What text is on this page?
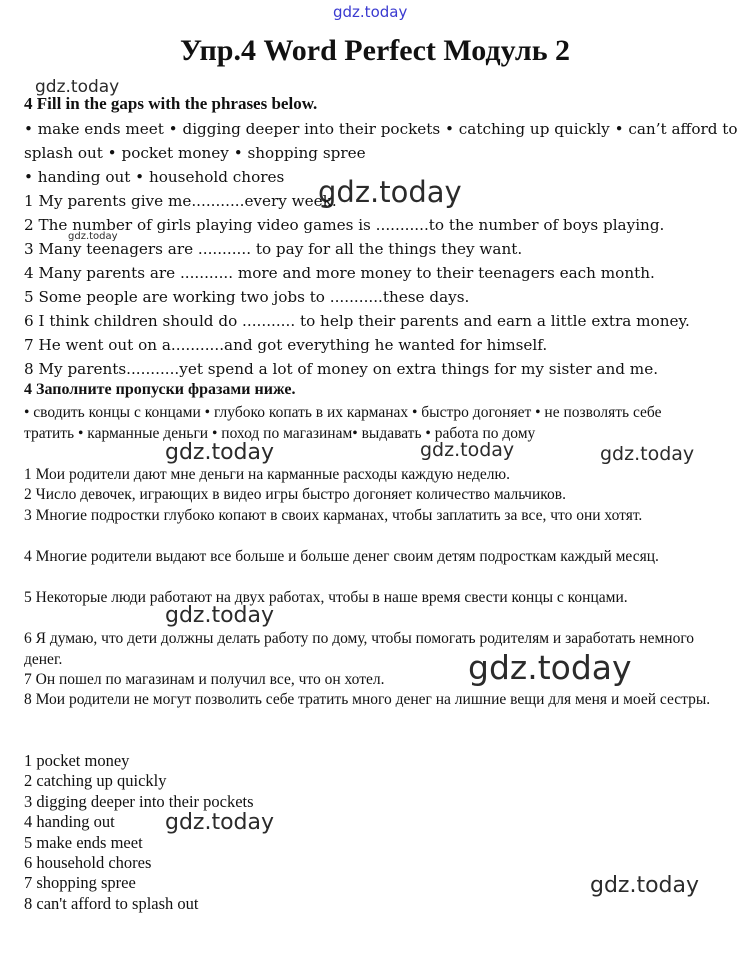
gdz.today
gdz.today
gdz.today
gdz.today
gdz.today	gdz.today	gdz.today
gdz.today
gdz.today
gdz.today
gdz.today
Упр.4 Word Perfect Модуль 2
4 Fill in the gaps with the phrases below.
• make ends meet • digging deeper into their pockets • catching up quickly • can’t afford to
splash out • pocket money • shopping spree
• handing out • household chores
1 My parents give me...........every week.
2 The number of girls playing video games is ...........to the number of boys playing.
3 Many teenagers are ........... to pay for all the things they want.
4 Many parents are ........... more and more money to their teenagers each month.
5 Some people are working two jobs to ...........these days.
6 I think children should do ........... to help their parents and earn a little extra money.
7 He went out on a...........and got everything he wanted for himself.
8 My parents...........yet spend a lot of money on extra things for my sister and me.
4 Заполните пропуски фразами ниже.
• сводить концы с концами • глубоко копать в их карманах • быстро догоняет • не позволять себе тратить • карманные деньги • поход по магазинам• выдавать • работа по дому
1 Мои родители дают мне деньги на карманные расходы каждую неделю.
2 Число девочек, играющих в видео игры быстро догоняет количество мальчиков.
3 Многие подростки глубоко копают в своих карманах, чтобы заплатить за все, что они хотят.
4 Многие родители выдают все больше и больше денег своим детям подросткам каждый месяц.
5 Некоторые люди работают на двух работах, чтобы в наше время свести концы с концами.
6 Я думаю, что дети должны делать работу по дому, чтобы помогать родителям и заработать немного денег.
7 Он пошел по магазинам и получил все, что он хотел.
8 Мои родители не могут позволить себе тратить много денег на лишние вещи для меня и моей сестры.
1 pocket money
2 catching up quickly
3 digging deeper into their pockets
4 handing out
5 make ends meet
6 household chores
7 shopping spree
8 can't afford to splash out
